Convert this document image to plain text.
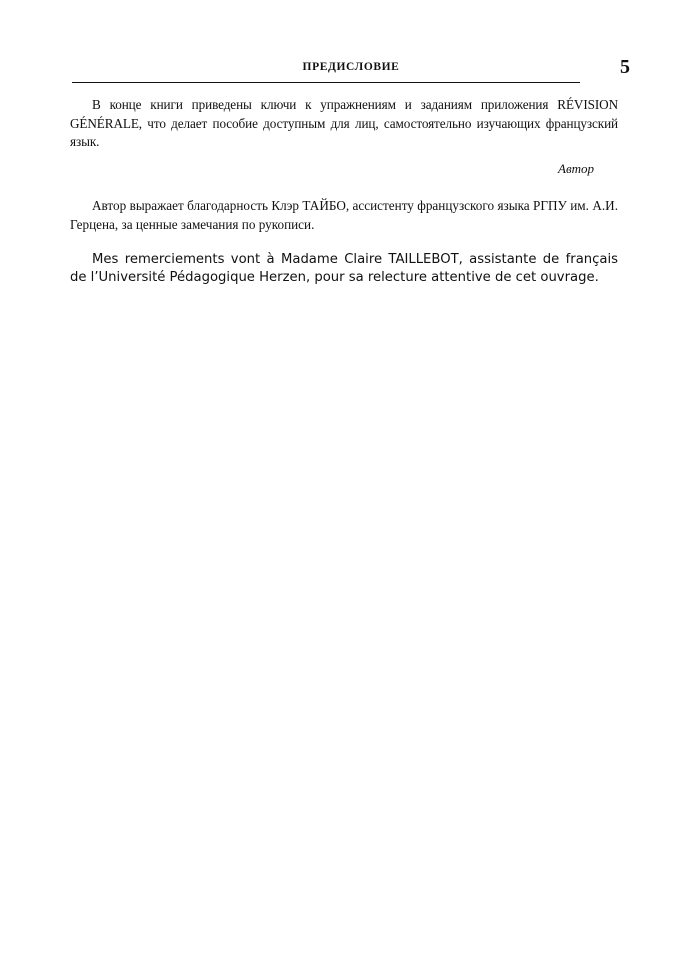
ПРЕДИСЛОВИЕ	5

В конце книги приведены ключи к упражнениям и заданиям приложения RÉVISION GÉNÉRALE, что делает пособие доступным для лиц, самостоятельно изучающих французский язык.

Автор

Автор выражает благодарность Клэр ТАЙБО, ассистенту французского языка РГПУ им. А.И. Герцена, за ценные замечания по рукописи.

Mes remerciements vont à Madame Claire TAILLEBOT, assistante de français de l’Université Pédagogique Herzen, pour sa relecture attentive de cet ouvrage.
